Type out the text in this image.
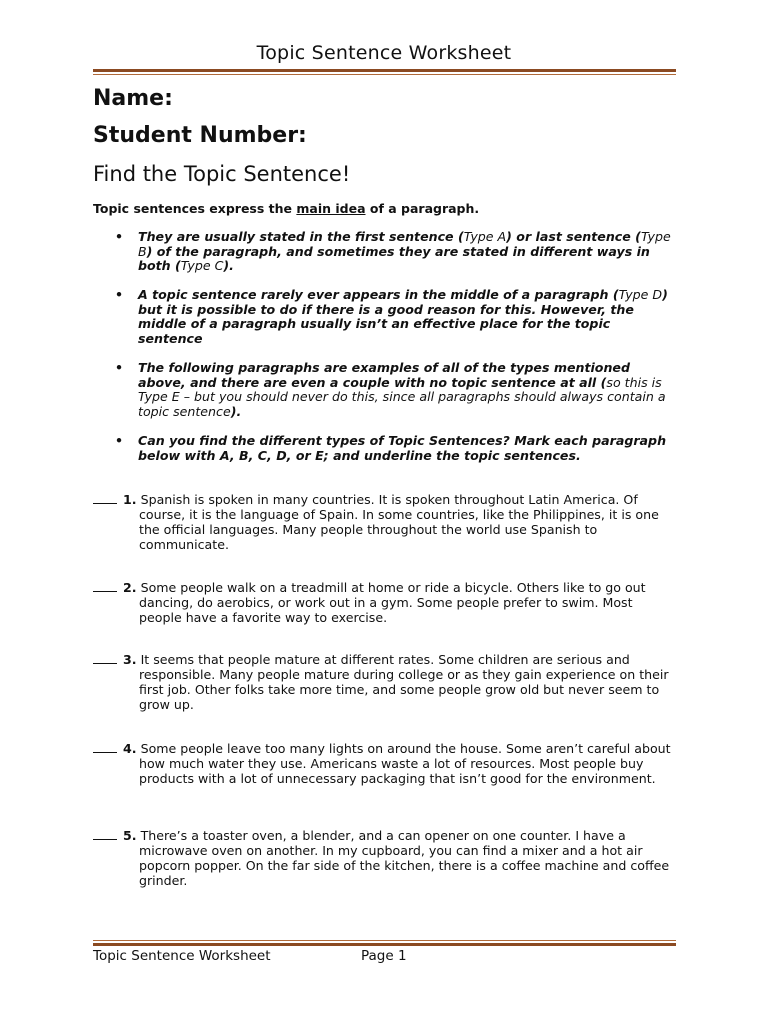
Topic Sentence Worksheet
Name:
Student Number:
Find the Topic Sentence!
Topic sentences express the main idea of a paragraph.
• They are usually stated in the first sentence (Type A) or last sentence (Type B) of the paragraph, and sometimes they are stated in different ways in both (Type C).
• A topic sentence rarely ever appears in the middle of a paragraph (Type D) but it is possible to do if there is a good reason for this. However, the middle of a paragraph usually isn’t an effective place for the topic sentence
• The following paragraphs are examples of all of the types mentioned above, and there are even a couple with no topic sentence at all (so this is Type E – but you should never do this, since all paragraphs should always contain a topic sentence).
• Can you find the different types of Topic Sentences? Mark each paragraph below with A, B, C, D, or E; and underline the topic sentences.
1. Spanish is spoken in many countries. It is spoken throughout Latin America. Of course, it is the language of Spain. In some countries, like the Philippines, it is one the official languages. Many people throughout the world use Spanish to communicate.
2. Some people walk on a treadmill at home or ride a bicycle. Others like to go out dancing, do aerobics, or work out in a gym. Some people prefer to swim. Most people have a favorite way to exercise.
3. It seems that people mature at different rates. Some children are serious and responsible. Many people mature during college or as they gain experience on their first job. Other folks take more time, and some people grow old but never seem to grow up.
4. Some people leave too many lights on around the house. Some aren’t careful about how much water they use. Americans waste a lot of resources. Most people buy products with a lot of unnecessary packaging that isn’t good for the environment.
5. There’s a toaster oven, a blender, and a can opener on one counter. I have a microwave oven on another. In my cupboard, you can find a mixer and a hot air popcorn popper. On the far side of the kitchen, there is a coffee machine and coffee grinder.
Topic Sentence Worksheet	Page 1
